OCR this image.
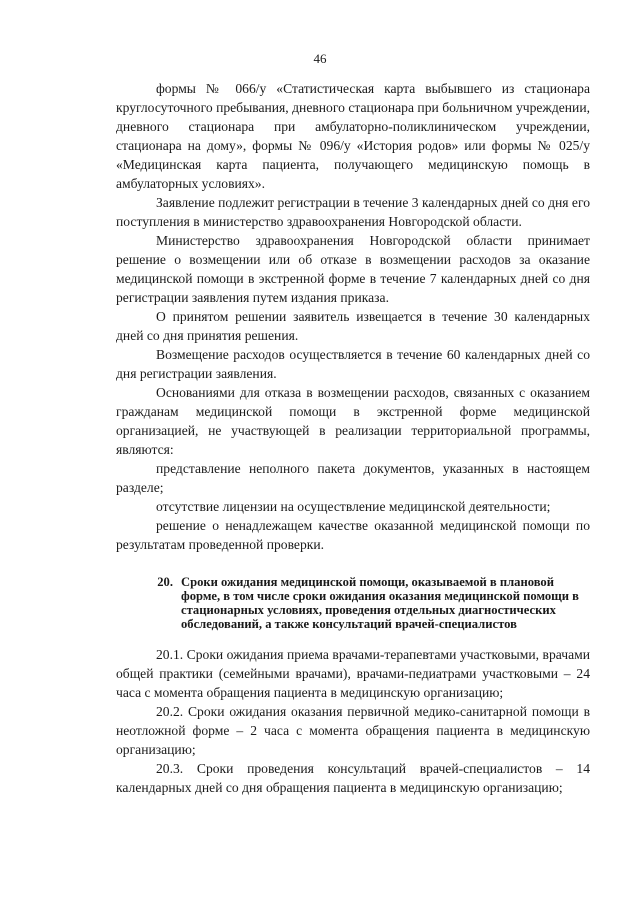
46

формы № 066/у «Статистическая карта выбывшего из стационара круглосуточного пребывания, дневного стационара при больничном учреждении, дневного стационара при амбулаторно-поликлиническом учреждении, стационара на дому», формы № 096/у «История родов» или формы № 025/у «Медицинская карта пациента, получающего медицинскую помощь в амбулаторных условиях».

Заявление подлежит регистрации в течение 3 календарных дней со дня его поступления в министерство здравоохранения Новгородской области.

Министерство здравоохранения Новгородской области принимает решение о возмещении или об отказе в возмещении расходов за оказание медицинской помощи в экстренной форме в течение 7 календарных дней со дня регистрации заявления путем издания приказа.

О принятом решении заявитель извещается в течение 30 календарных дней со дня принятия решения.

Возмещение расходов осуществляется в течение 60 календарных дней со дня регистрации заявления.

Основаниями для отказа в возмещении расходов, связанных с оказанием гражданам медицинской помощи в экстренной форме медицинской организацией, не участвующей в реализации территориальной программы, являются:

представление неполного пакета документов, указанных в настоящем разделе;

отсутствие лицензии на осуществление медицинской деятельности;

решение о ненадлежащем качестве оказанной медицинской помощи по результатам проведенной проверки.

20. Сроки ожидания медицинской помощи, оказываемой в плановой форме, в том числе сроки ожидания оказания медицинской помощи в стационарных условиях, проведения отдельных диагностических обследований, а также консультаций врачей-специалистов

20.1. Сроки ожидания приема врачами-терапевтами участковыми, врачами общей практики (семейными врачами), врачами-педиатрами участковыми – 24 часа с момента обращения пациента в медицинскую организацию;

20.2. Сроки ожидания оказания первичной медико-санитарной помощи в неотложной форме – 2 часа с момента обращения пациента в медицинскую организацию;

20.3. Сроки проведения консультаций врачей-специалистов – 14 календарных дней со дня обращения пациента в медицинскую организацию;
